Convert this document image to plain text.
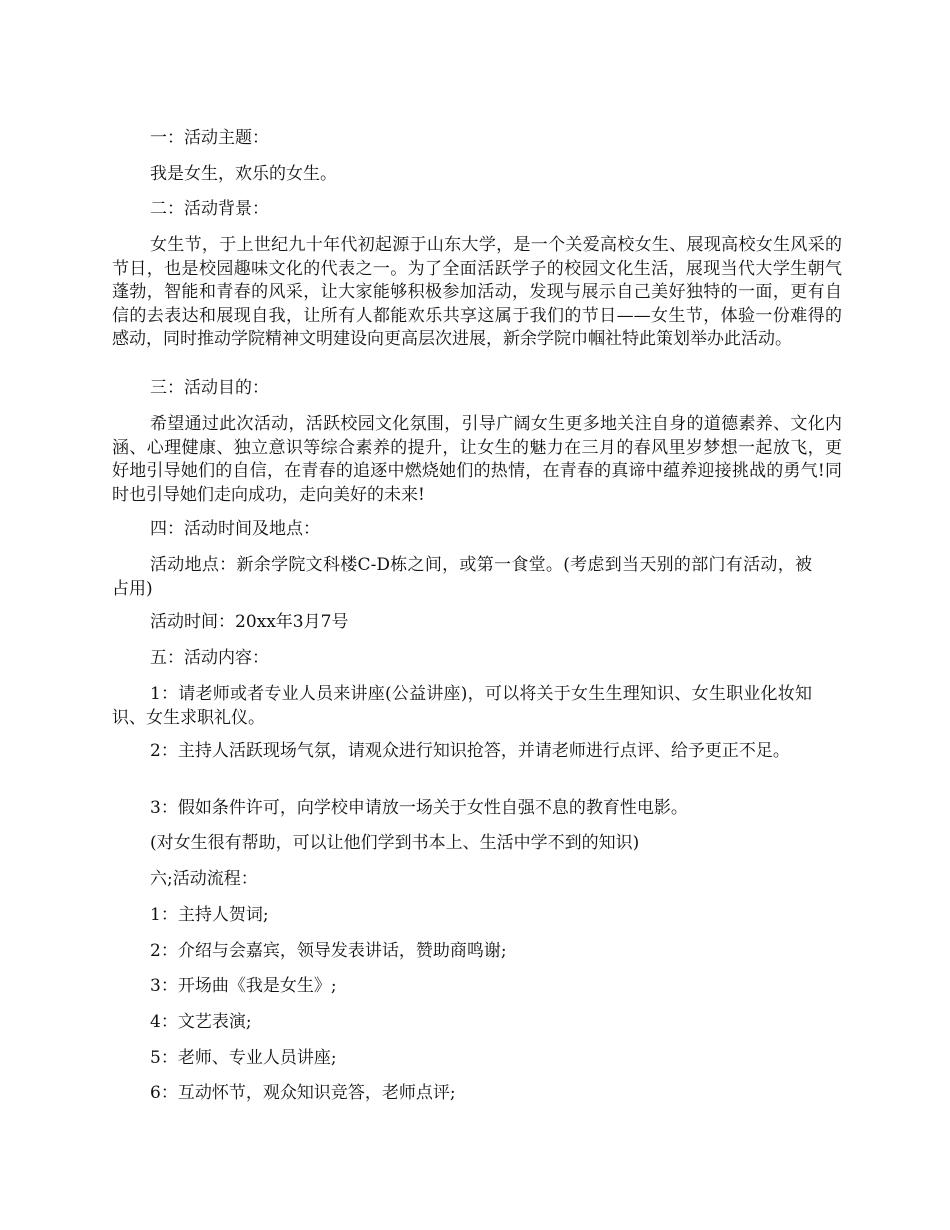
一：活动主题：

我是女生，欢乐的女生。

二：活动背景：

女生节，于上世纪九十年代初起源于山东大学，是一个关爱高校女生、展现高校女生风采的节日，也是校园趣味文化的代表之一。为了全面活跃学子的校园文化生活，展现当代大学生朝气蓬勃，智能和青春的风采，让大家能够积极参加活动，发现与展示自己美好独特的一面，更有自信的去表达和展现自我，让所有人都能欢乐共享这属于我们的节日——女生节，体验一份难得的感动，同时推动学院精神文明建设向更高层次进展，新余学院巾帼社特此策划举办此活动。

三：活动目的：

希望通过此次活动，活跃校园文化氛围，引导广阔女生更多地关注自身的道德素养、文化内涵、心理健康、独立意识等综合素养的提升，让女生的魅力在三月的春风里岁梦想一起放飞，更好地引导她们的自信，在青春的追逐中燃烧她们的热情，在青春的真谛中蕴养迎接挑战的勇气!同时也引导她们走向成功，走向美好的未来!

四：活动时间及地点：

活动地点：新余学院文科楼C-D栋之间，或第一食堂。(考虑到当天别的部门有活动，被占用)

活动时间：20xx年3月7号

五：活动内容：

1：请老师或者专业人员来讲座(公益讲座)，可以将关于女生生理知识、女生职业化妆知识、女生求职礼仪。

2：主持人活跃现场气氛，请观众进行知识抢答，并请老师进行点评、给予更正不足。

3：假如条件许可，向学校申请放一场关于女性自强不息的教育性电影。

(对女生很有帮助，可以让他们学到书本上、生活中学不到的知识)

六;活动流程：

1：主持人贺词;

2：介绍与会嘉宾，领导发表讲话，赞助商鸣谢;

3：开场曲《我是女生》;

4：文艺表演;

5：老师、专业人员讲座;

6：互动怀节，观众知识竞答，老师点评;
